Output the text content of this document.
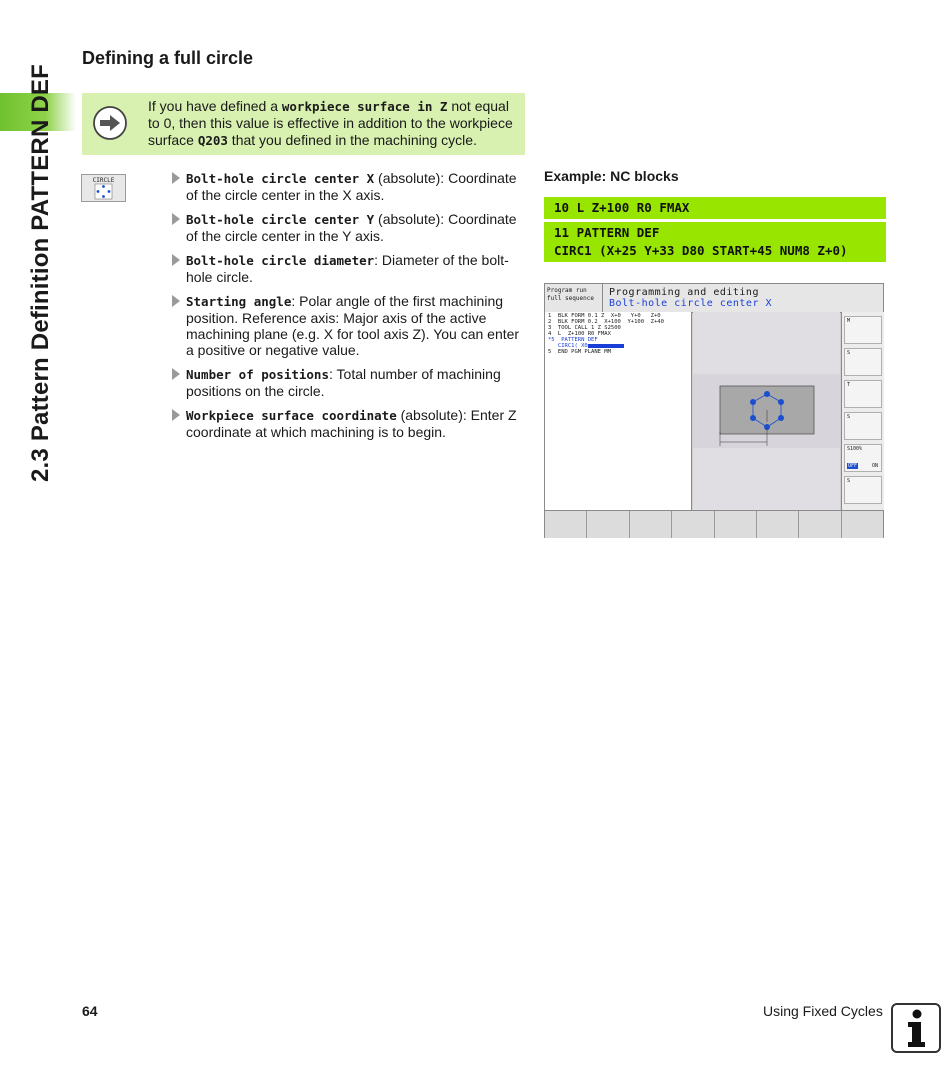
2.3 Pattern Definition PATTERN DEF
Defining a full circle

If you have defined a workpiece surface in Z not equal to 0, then this value is effective in addition to the workpiece surface Q203 that you defined in the machining cycle.

CIRCLE	Bolt-hole circle center X (absolute): Coordinate of the circle center in the X axis.

Bolt-hole circle center Y (absolute): Coordinate of the circle center in the Y axis.

Bolt-hole circle diameter: Diameter of the bolt-hole circle.

Starting angle: Polar angle of the first machining position. Reference axis: Major axis of the active machining plane (e.g. X for tool axis Z). You can enter a positive or negative value.

Number of positions: Total number of machining positions on the circle.

Workpiece surface coordinate (absolute): Enter Z coordinate at which machining is to begin.

Example: NC blocks
10 L Z+100 R0 FMAX
11 PATTERN DEF
CIRC1 (X+25 Y+33 D80 START+45 NUM8 Z+0)
Program run
full sequence
Programming and editing
Bolt-hole circle center X
1  BLK FORM 0.1 Z  X+0   Y+0   Z+0
2  BLK FORM 0.2  X+100  Y+100  Z+40
3  TOOL CALL 1 Z S2500
4  L  Z+100 R0 FMAX
*5  PATTERN DEF
CIRC1( X0
5  END PGM PLANE MM
M
S
T
S
S100%
OFF	ON
S
64	Using Fixed Cycles
